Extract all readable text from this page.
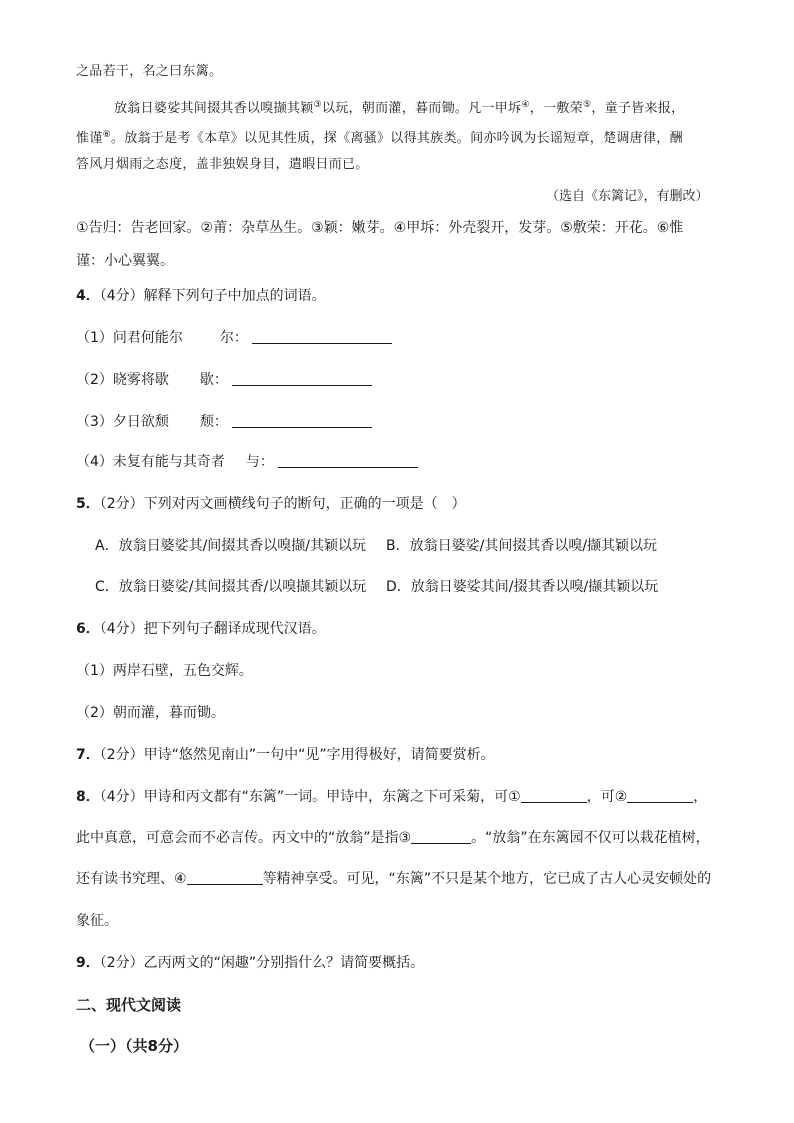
之品若干，名之曰东篱。
放翁日婆娑其间掇其香以嗅撷其颖③以玩，朝而灌，暮而锄。凡一甲坼④，一敷荣⑤，童子皆来报，
惟谨⑥。放翁于是考《本草》以见其性质，探《离骚》以得其族类。间亦吟讽为长谣短章，楚调唐律，酬
答风月烟雨之态度，盖非独娱身目，遣暇日而已。
（选自《东篱记》，有删改）
①告归：告老回家。②莆：杂草丛生。③颖：嫩芽。④甲坼：外壳裂开，发芽。⑤敷荣：开花。⑥惟
谨：小心翼翼。
4．（4分）解释下列句子中加点的词语。
（1）问君何能尔	尔：
（2）晓雾将歇 歇：
（3）夕日欲颓 颓：
（4）未复有能与其奇者 与：
5．（2分）下列对丙文画横线句子的断句，正确的一项是（　）
A．放翁日婆娑其/间掇其香以嗅撷/其颖以玩 B．放翁日婆娑/其间掇其香以嗅/撷其颖以玩
C．放翁日婆娑/其间掇其香/以嗅撷其颖以玩 D．放翁日婆娑其间/掇其香以嗅/撷其颖以玩
6．（4分）把下列句子翻译成现代汉语。
（1）两岸石壁，五色交辉。
（2）朝而灌，暮而锄。
7．（2分）甲诗“悠然见南山”一句中“见”字用得极好，请简要赏析。
8．（4分）甲诗和丙文都有“东篱”一词。甲诗中，东篱之下可采菊，可①	，可②	，
此中真意，可意会而不必言传。丙文中的“放翁”是指③	。“放翁”在东篱园不仅可以栽花植树，
还有读书究理、④	等精神享受。可见，“东篱”不只是某个地方，它已成了古人心灵安顿处的
象征。
9．（2分）乙丙两文的“闲趣”分别指什么？请简要概括。
二、现代文阅读
（一）（共8分）
